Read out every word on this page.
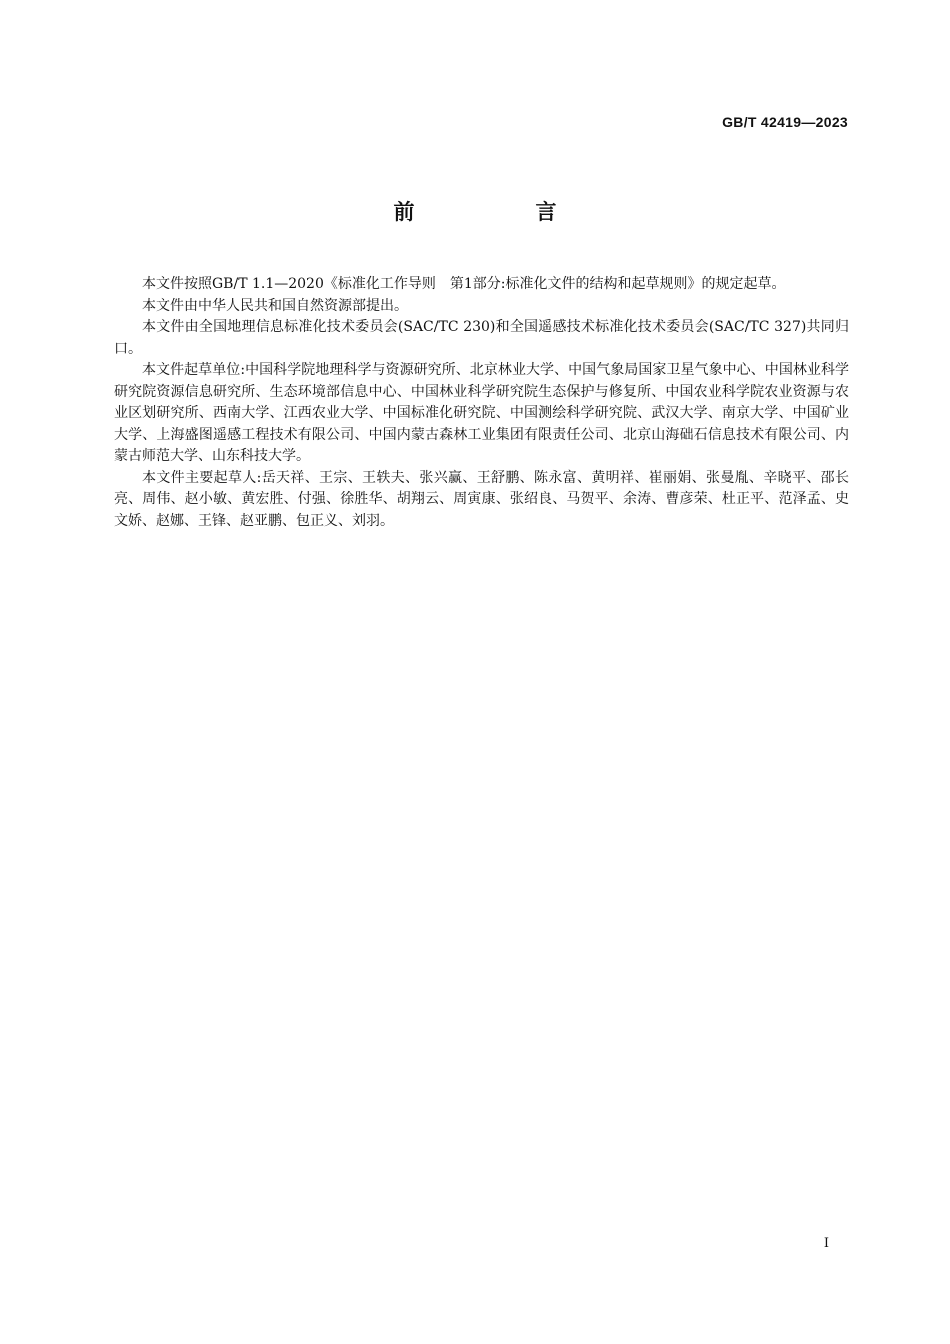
GB/T 42419—2023
前　言

本文件按照GB/T 1.1—2020《标准化工作导则　第1部分:标准化文件的结构和起草规则》的规定起草。

本文件由中华人民共和国自然资源部提出。

本文件由全国地理信息标准化技术委员会(SAC/TC 230)和全国遥感技术标准化技术委员会(SAC/TC 327)共同归口。

本文件起草单位:中国科学院地理科学与资源研究所、北京林业大学、中国气象局国家卫星气象中心、中国林业科学研究院资源信息研究所、生态环境部信息中心、中国林业科学研究院生态保护与修复所、中国农业科学院农业资源与农业区划研究所、西南大学、江西农业大学、中国标准化研究院、中国测绘科学研究院、武汉大学、南京大学、中国矿业大学、上海盛图遥感工程技术有限公司、中国内蒙古森林工业集团有限责任公司、北京山海础石信息技术有限公司、内蒙古师范大学、山东科技大学。

本文件主要起草人:岳天祥、王宗、王轶夫、张兴赢、王舒鹏、陈永富、黄明祥、崔丽娟、张曼胤、辛晓平、邵长亮、周伟、赵小敏、黄宏胜、付强、徐胜华、胡翔云、周寅康、张绍良、马贺平、余涛、曹彦荣、杜正平、范泽孟、史文娇、赵娜、王锋、赵亚鹏、包正义、刘羽。

I
